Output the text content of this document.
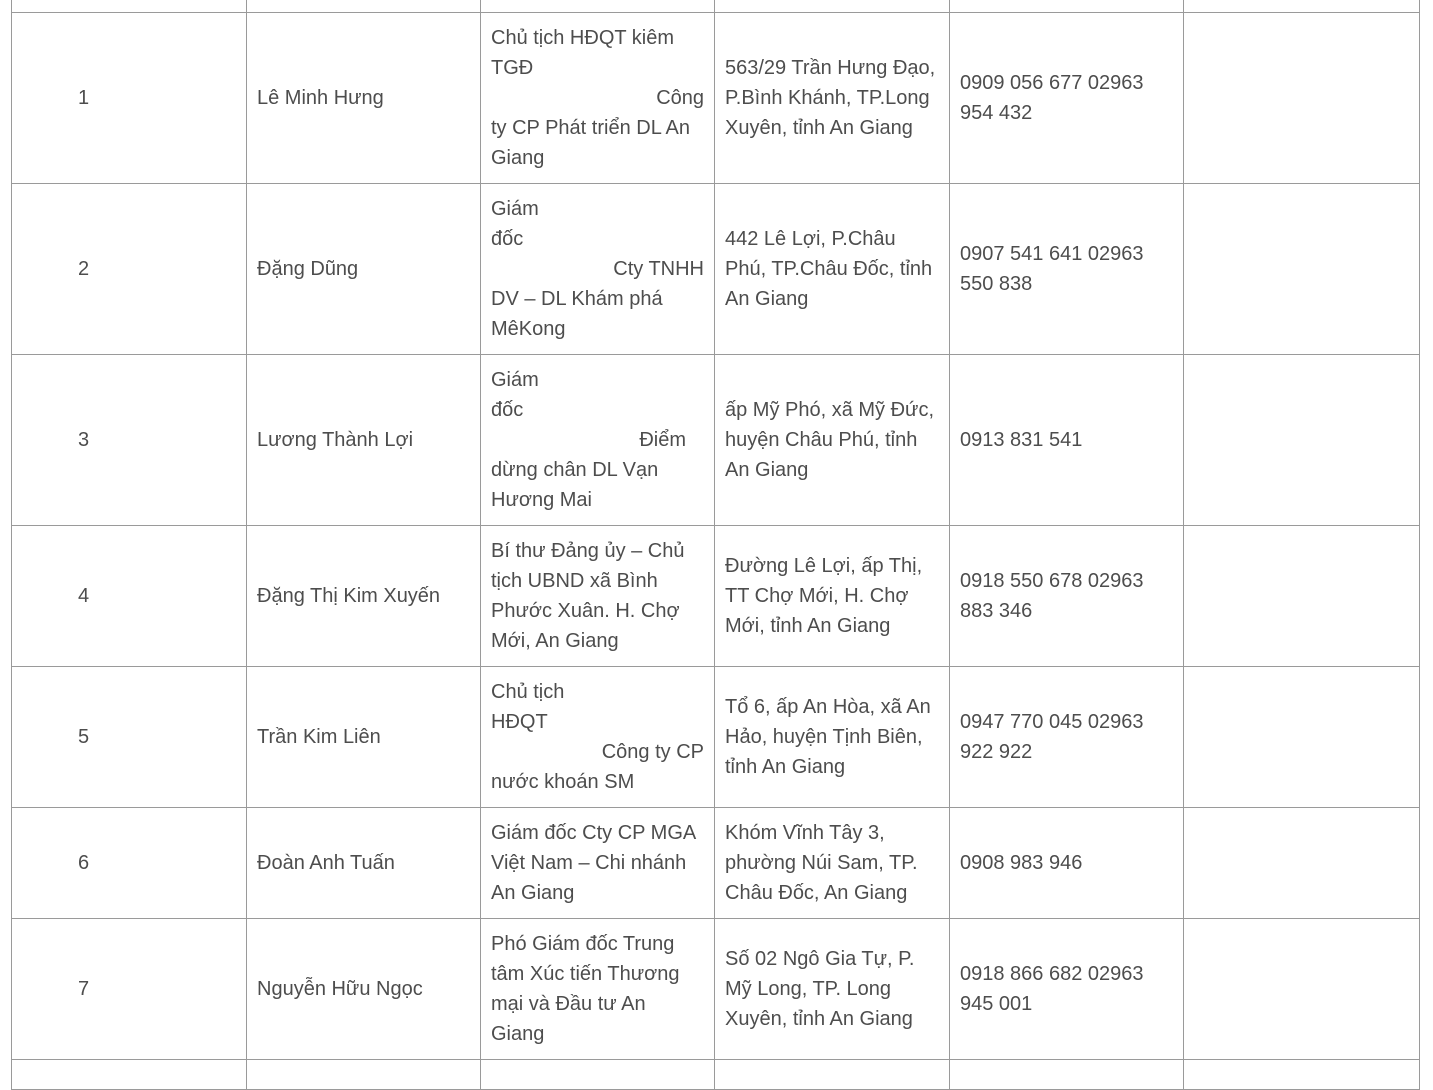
1	Lê Minh Hưng	Chủ tịch HĐQT kiêm
TGĐ
Công
ty CP Phát triển DL An
Giang	563/29 Trần Hưng Đạo, P.Bình Khánh, TP.Long Xuyên, tỉnh An Giang	0909 056 677 02963 954 432	
2	Đặng Dũng	Giám
đốc
Cty TNHH
DV – DL Khám phá
MêKong	442 Lê Lợi, P.Châu Phú, TP.Châu Đốc, tỉnh An Giang	0907 541 641 02963 550 838	
3	Lương Thành Lợi	Giám
đốc
Điểm
dừng chân DL Vạn
Hương Mai	ấp Mỹ Phó, xã Mỹ Đức, huyện Châu Phú, tỉnh An Giang	0913 831 541	
4	Đặng Thị Kim Xuyến	Bí thư Đảng ủy – Chủ
tịch UBND xã Bình
Phước Xuân. H. Chợ
Mới, An Giang	Đường Lê Lợi, ấp Thị, TT Chợ Mới, H. Chợ Mới, tỉnh An Giang	0918 550 678 02963 883 346	
5	Trần Kim Liên	Chủ tịch
HĐQT
Công ty CP
nước khoán SM	Tổ 6, ấp An Hòa, xã An Hảo, huyện Tịnh Biên, tỉnh An Giang	0947 770 045 02963 922 922	
6	Đoàn Anh Tuấn	Giám đốc Cty CP MGA
Việt Nam – Chi nhánh
An Giang	Khóm Vĩnh Tây 3, phường Núi Sam, TP. Châu Đốc, An Giang	0908 983 946	
7	Nguyễn Hữu Ngọc	Phó Giám đốc Trung
tâm Xúc tiến Thương
mại và Đầu tư An
Giang	Số 02 Ngô Gia Tự, P. Mỹ Long, TP. Long Xuyên, tỉnh An Giang	0918 866 682 02963 945 001	
